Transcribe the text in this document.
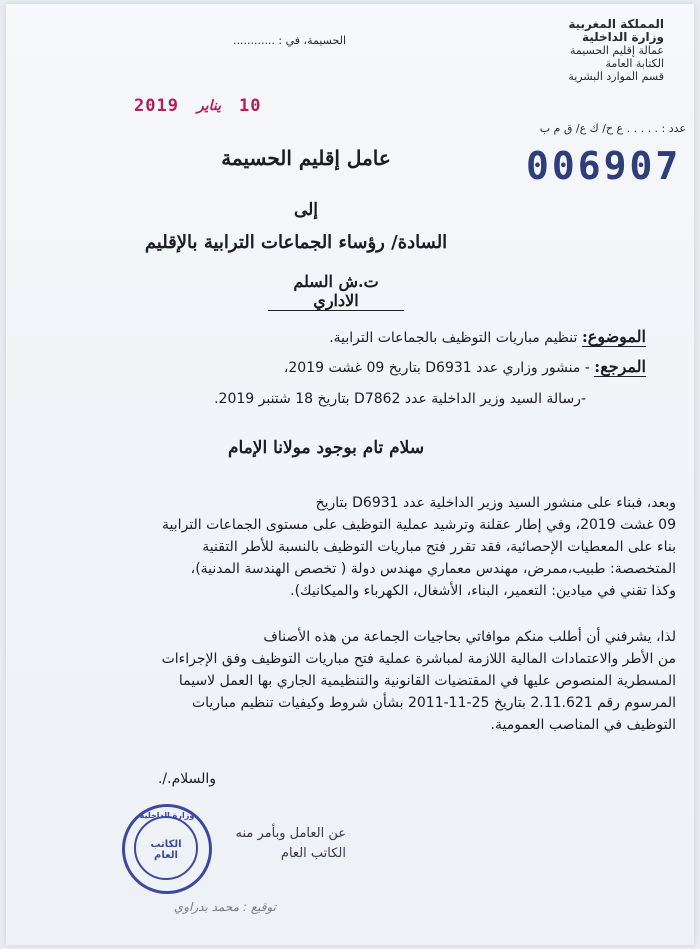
المملكة المغربية
وزارة الداخلية
عمالة إقليم الحسيمة
الكتابة العامة
قسم الموارد البشرية
الحسيمة، في : ............
عدد : . . . . . ع ح/ ك ع/ ق م ب
2019 يناير 10
006907
عامل إقليم الحسيمة
إلى
السادة/ رؤساء الجماعات الترابية بالإقليم
ت.ش السلم الاداري
الموضوع: تنظيم مباريات التوظيف بالجماعات الترابية.
المرجع: - منشور وزاري عدد D6931 بتاريخ 09 غشت 2019،
-رسالة السيد وزير الداخلية عدد D7862 بتاريخ 18 شتنبر 2019.
سلام تام بوجود مولانا الإمام
وبعد، فبناء على منشور السيد وزير الداخلية عدد D6931 بتاريخ
09 غشت 2019، وفي إطار عقلنة وترشيد عملية التوظيف على مستوى الجماعات الترابية
بناء على المعطيات الإحصائية، فقد تقرر فتح مباريات التوظيف بالنسبة للأطر التقنية
المتخصصة: طبيب،ممرض، مهندس معماري مهندس دولة ( تخصص الهندسة المدنية)،
وكذا تقني في ميادين: التعمير، البناء، الأشغال، الكهرباء والميكانيك).
لذا، يشرفني أن أطلب منكم موافاتي بحاجيات الجماعة من هذه الأصناف
من الأطر والاعتمادات المالية اللازمة لمباشرة عملية فتح مباريات التوظيف وفق الإجراءات
المسطرية المنصوص عليها في المقتضيات القانونية والتنظيمية الجاري بها العمل لاسيما
المرسوم رقم 2.11.621 بتاريخ 25-11-2011 بشأن شروط وكيفيات تنظيم مباريات
التوظيف في المناصب العمومية.
والسلام./.
عن العامل وبأمر منه
الكاتب العام
وزارة الداخلية
الكاتب العام
توقيع : محمد بدراوي
